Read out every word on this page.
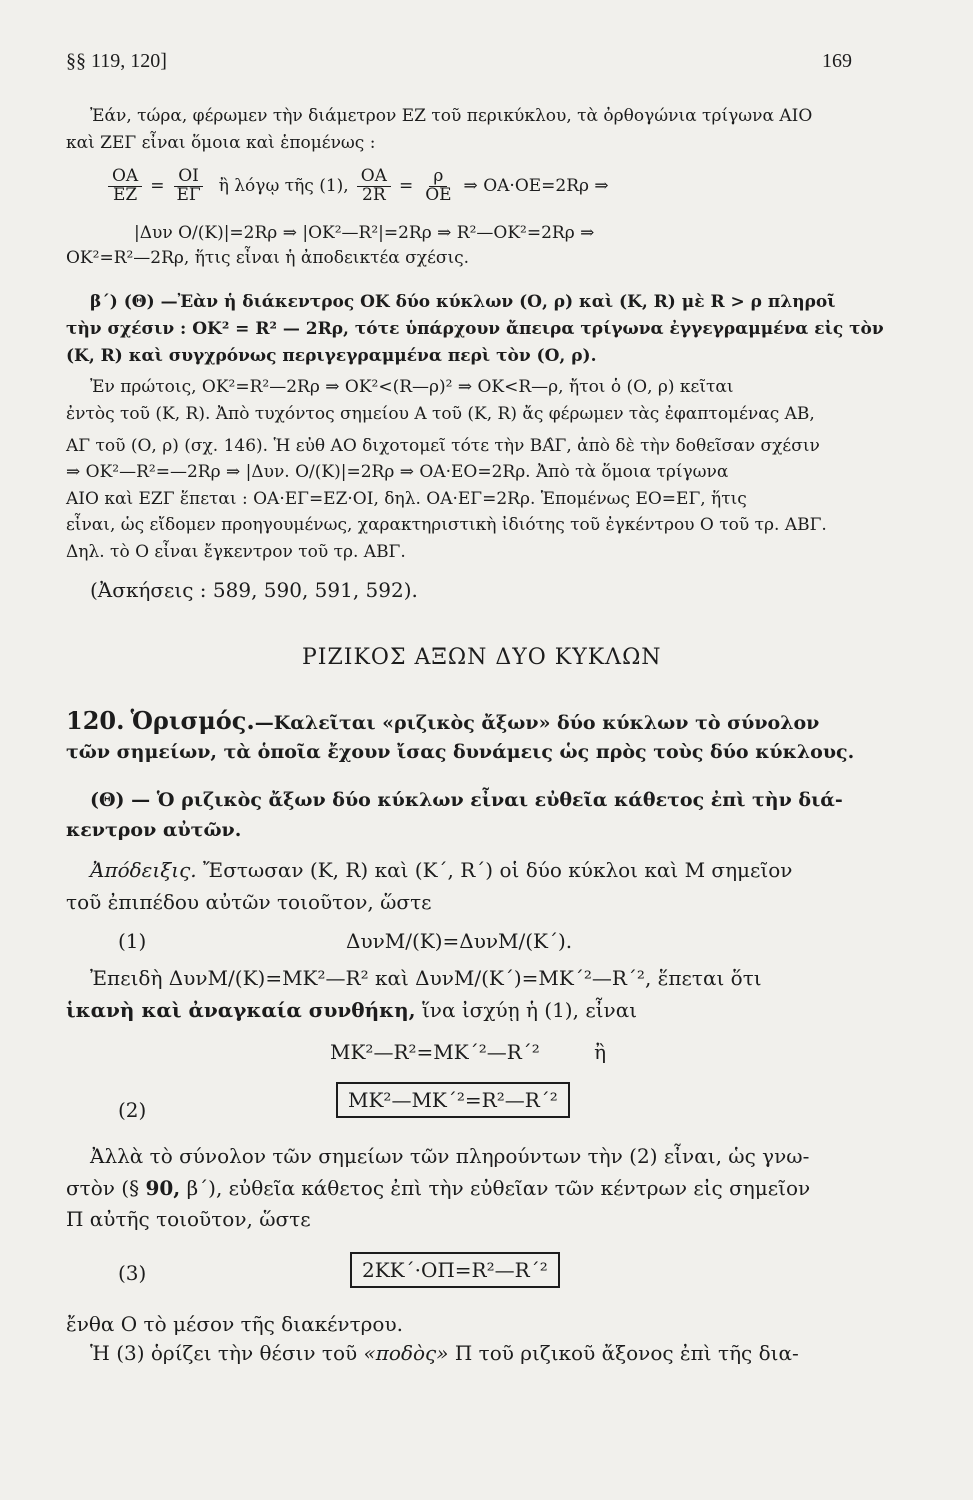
§§ 119, 120]	169
Ἐάν, τώρα, φέρωμεν τὴν διάμετρον ΕΖ τοῦ περικύκλου, τὰ ὀρθογώνια τρίγωνα ΑΙΟ
καὶ ΖΕΓ εἶναι ὅμοια καὶ ἑπομένως :
$\frac{OA}{EZ} = \frac{OI}{E\Gamma}$ ἢ λόγῳ τῆς (1), $\frac{OA}{2R} = \frac{\rho}{OE}$ ⇒ ΟΑ·ΟΕ=2Rρ ⇒
|Δυν Ο/(Κ)|=2Rρ ⇒ |ΟΚ²—R²|=2Rρ ⇒ R²—ΟΚ²=2Rρ ⇒
ΟΚ²=R²—2Rρ, ἥτις εἶναι ἡ ἀποδεικτέα σχέσις.
β΄) (Θ) —Ἐὰν ἡ διάκεντρος ΟΚ δύο κύκλων (Ο, ρ) καὶ (Κ, R) μὲ R > ρ πληροῖ
τὴν σχέσιν : ΟΚ² = R² — 2Rρ, τότε ὑπάρχουν ἄπειρα τρίγωνα ἐγγεγραμμένα εἰς τὸν
(Κ, R) καὶ συγχρόνως περιγεγραμμένα περὶ τὸν (Ο, ρ).
Ἐν πρώτοις, ΟΚ²=R²—2Rρ ⇒ ΟΚ²<(R—ρ)² ⇒ ΟΚ<R—ρ, ἤτοι ὁ (Ο, ρ) κεῖται
ἐντὸς τοῦ (Κ, R). Ἀπὸ τυχόντος σημείου Α τοῦ (Κ, R) ἄς φέρωμεν τὰς ἐφαπτομένας ΑΒ,
ΑΓ τοῦ (Ο, ρ) (σχ. 146). Ἡ εὐθ ΑΟ διχοτομεῖ τότε τὴν ΒΑ̂Γ, ἀπὸ δὲ τὴν δοθεῖσαν σχέσιν
⇒ ΟΚ²—R²=—2Rρ ⇒ |Δυν. Ο/(Κ)|=2Rρ ⇒ ΟΑ·ΕΟ=2Rρ. Ἀπὸ τὰ ὅμοια τρίγωνα
ΑΙΟ καὶ ΕΖΓ ἕπεται : ΟΑ·ΕΓ=ΕΖ·ΟΙ, δηλ. ΟΑ·ΕΓ=2Rρ. Ἑπομένως ΕΟ=ΕΓ, ἥτις
εἶναι, ὡς εἴδομεν προηγουμένως, χαρακτηριστικὴ ἰδιότης τοῦ ἐγκέντρου Ο τοῦ τρ. ΑΒΓ.
Δηλ. τὸ Ο εἶναι ἔγκεντρον τοῦ τρ. ΑΒΓ.
(Ἀσκήσεις : 589, 590, 591, 592).
ΡΙΖΙΚΟΣ ΑΞΩΝ ΔΥΟ ΚΥΚΛΩΝ
120. Ὁρισμός.—Καλεῖται «ριζικὸς ἄξων» δύο κύκλων τὸ σύνολον
τῶν σημείων, τὰ ὁποῖα ἔχουν ἴσας δυνάμεις ὡς πρὸς τοὺς δύο κύκλους.
(Θ) — Ὁ ριζικὸς ἄξων δύο κύκλων εἶναι εὐθεῖα κάθετος ἐπὶ τὴν διά-
κεντρον αὐτῶν.
Ἀπόδειξις. Ἔστωσαν (Κ, R) καὶ (Κ΄, R΄) οἱ δύο κύκλοι καὶ Μ σημεῖον
τοῦ ἐπιπέδου αὐτῶν τοιοῦτον, ὥστε
(1)	ΔυνΜ/(Κ)=ΔυνΜ/(Κ΄).
Ἐπειδὴ ΔυνΜ/(Κ)=ΜΚ²—R² καὶ ΔυνΜ/(Κ΄)=ΜΚ΄²—R΄², ἕπεται ὅτι
ἱκανὴ καὶ ἀναγκαία συνθήκη, ἵνα ἰσχύῃ ἡ (1), εἶναι
ΜΚ²—R²=ΜΚ΄²—R΄²	ἢ
(2)	ΜΚ²—ΜΚ΄²=R²—R΄²
Ἀλλὰ τὸ σύνολον τῶν σημείων τῶν πληρούντων τὴν (2) εἶναι, ὡς γνω-
στὸν (§ 90, β΄), εὐθεῖα κάθετος ἐπὶ τὴν εὐθεῖαν τῶν κέντρων εἰς σημεῖον
Π αὐτῆς τοιοῦτον, ὥστε
(3)	2ΚΚ΄·ΟΠ=R²—R΄²
ἔνθα Ο τὸ μέσον τῆς διακέντρου.
Ἡ (3) ὁρίζει τὴν θέσιν τοῦ «ποδὸς» Π τοῦ ριζικοῦ ἄξονος ἐπὶ τῆς δια-
